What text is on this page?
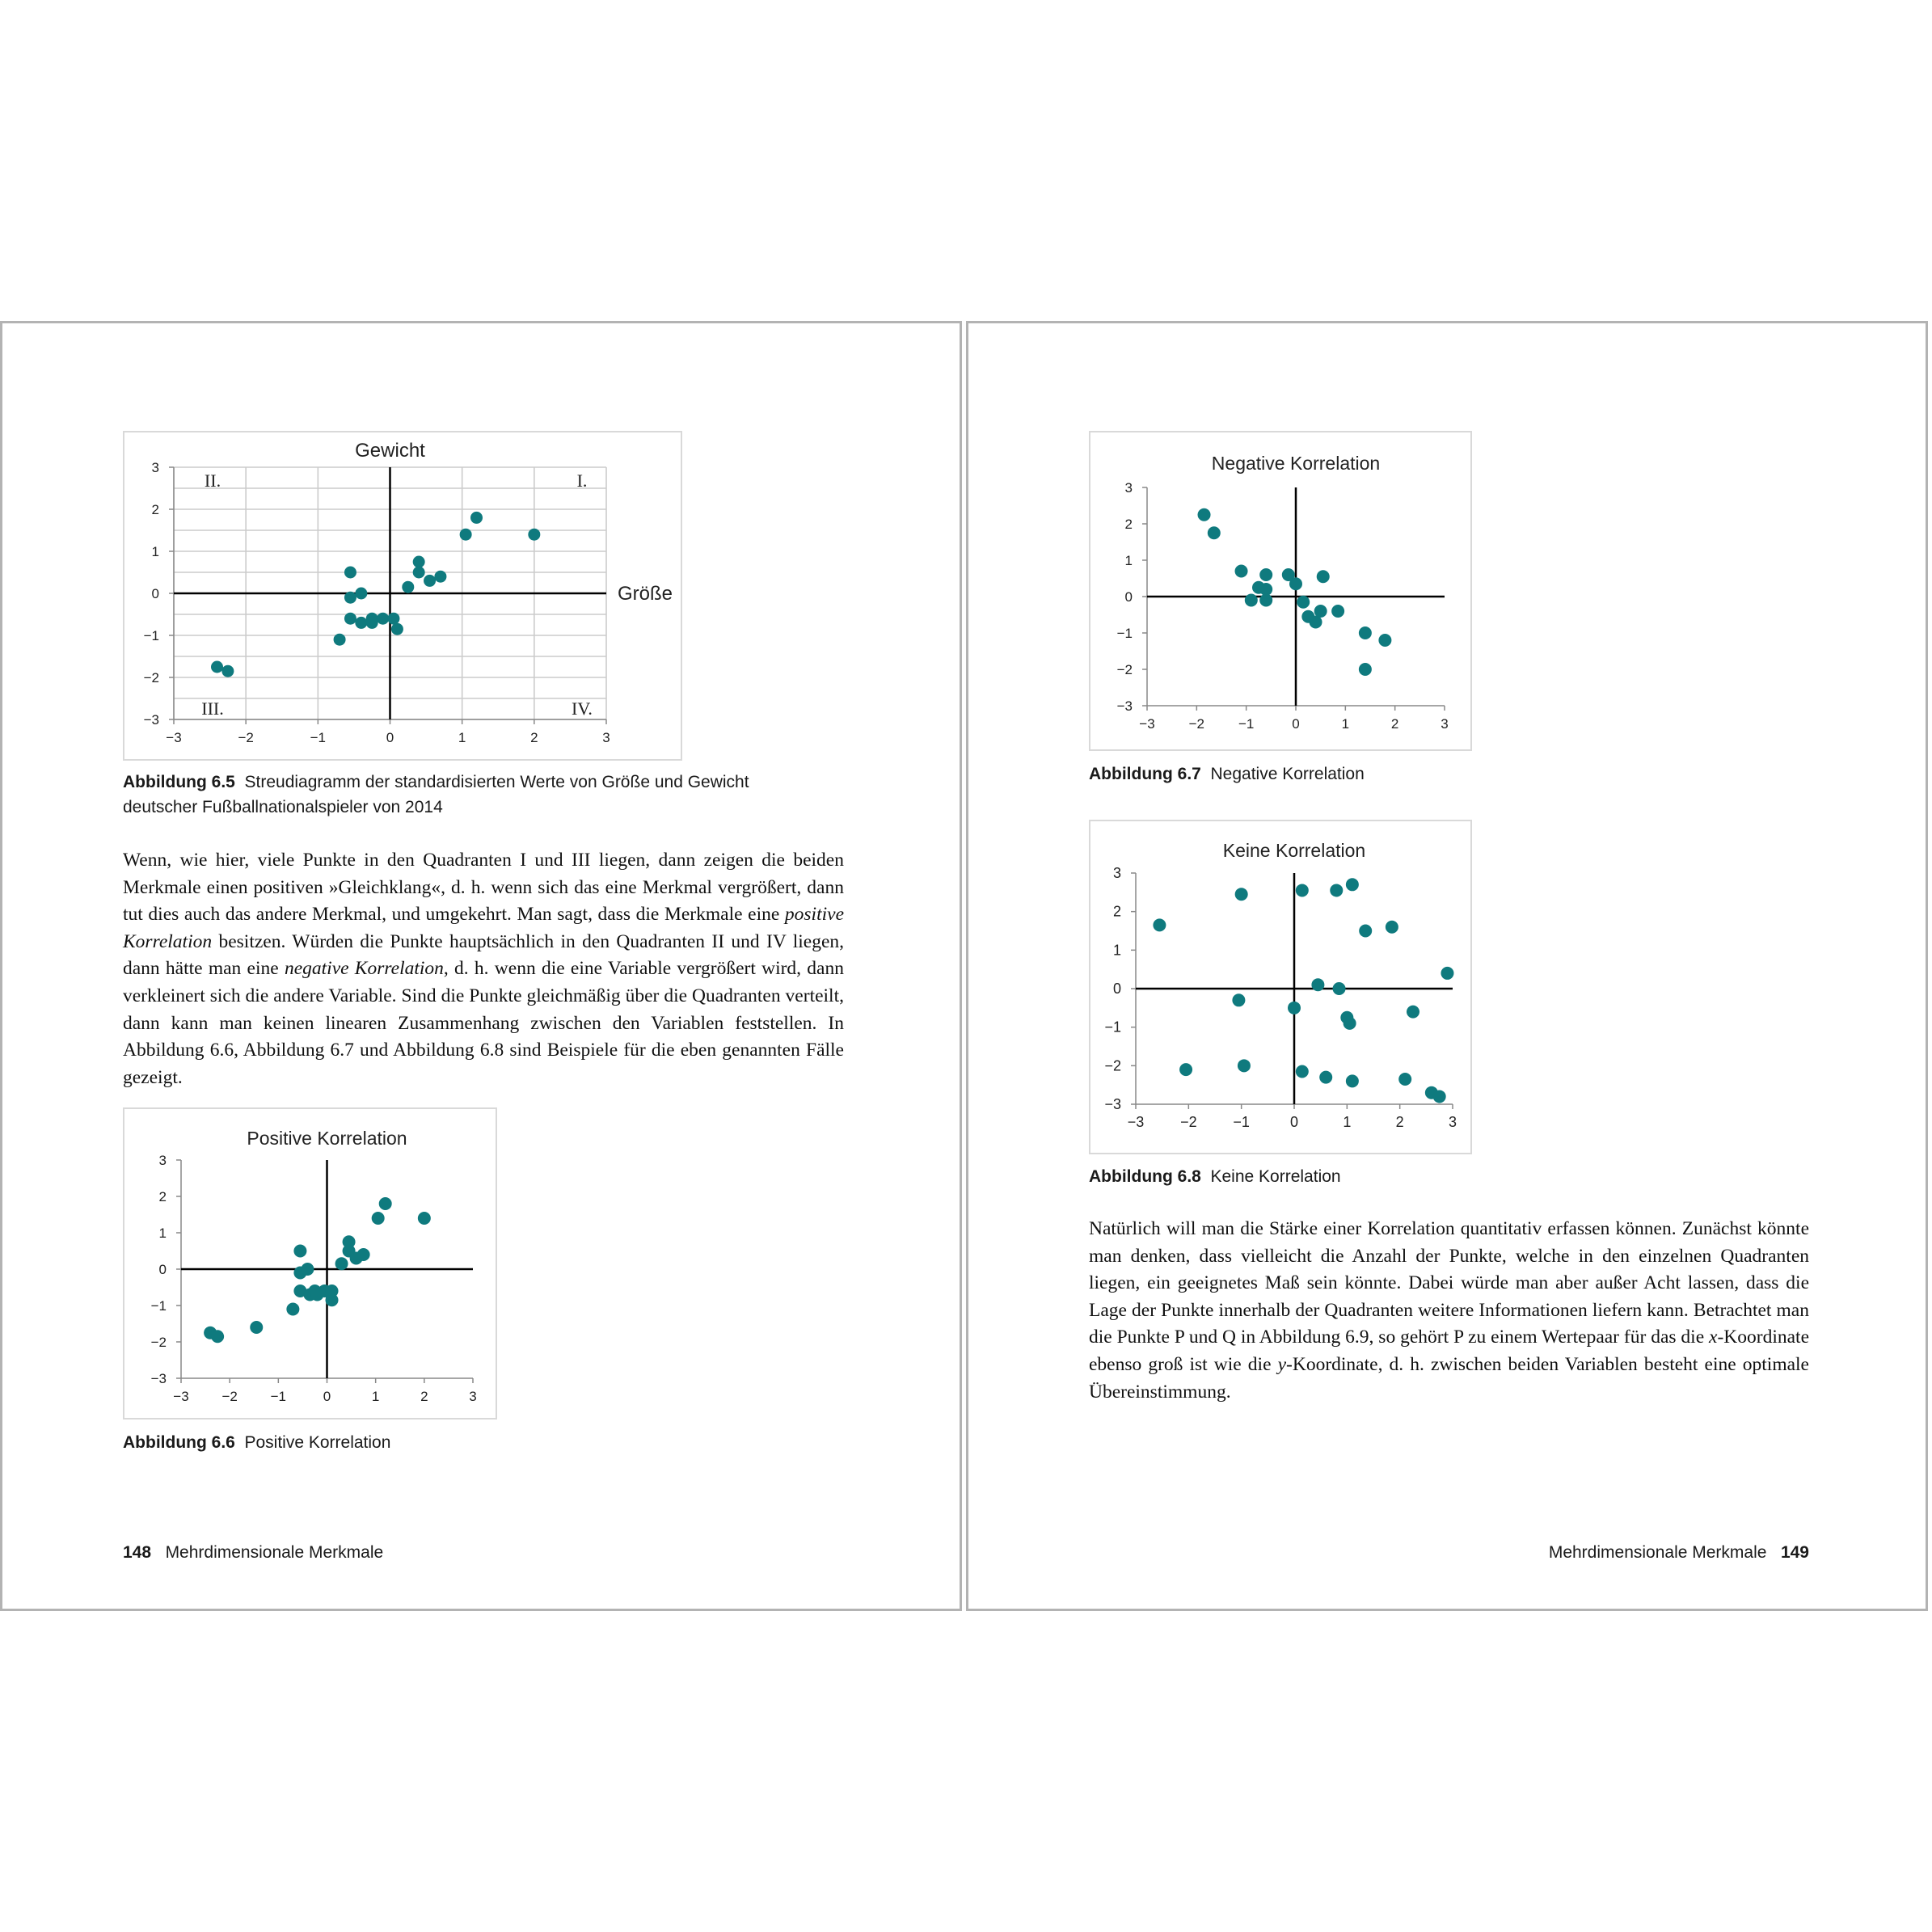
−3	−2	−1	0	1	2	3
3
2
1
0
−1
−2
−3
Gewicht
Größe
I.
II.
III.	IV.
Abbildung 6.5 Streudiagramm der standardisierten Werte von Größe und Gewicht
deutscher Fußballnationalspieler von 2014

Wenn, wie hier, viele Punkte in den Quadranten I und III liegen, dann zeigen die beiden Merkmale einen positiven »Gleichklang«, d. h. wenn sich das eine Merkmal vergrößert, dann tut dies auch das andere Merkmal, und umgekehrt. Man sagt, dass die Merkmale eine positive Korrelation besitzen. Würden die Punkte hauptsächlich in den Quadranten II und IV liegen, dann hätte man eine negative Korrelation, d. h. wenn die eine Variable vergrößert wird, dann verkleinert sich die andere Variable. Sind die Punkte gleichmäßig über die Quadranten verteilt, dann kann man keinen linearen Zusammenhang zwischen den Variablen feststellen. In Abbildung 6.6, Abbildung 6.7 und Abbildung 6.8 sind Beispiele für die eben genannten Fälle gezeigt.

−3 −2 −1	0	1	2	3
3
2
1
0
−1
−2
−3
Positive Korrelation
Abbildung 6.6 Positive Korrelation
148 Mehrdimensionale Merkmale
−3 −2 −1	0	1	2	3
3
2
1
0
−1
−2
−3
Negative Korrelation
Abbildung 6.7 Negative Korrelation
−3 −2 −1	0	1	2	3
3
2
1
0
−1
−2
−3
Keine Korrelation
Abbildung 6.8 Keine Korrelation

Natürlich will man die Stärke einer Korrelation quantitativ erfassen können. Zunächst könnte man denken, dass vielleicht die Anzahl der Punkte, welche in den einzelnen Quadranten liegen, ein geeignetes Maß sein könnte. Dabei würde man aber außer Acht lassen, dass die Lage der Punkte innerhalb der Quadranten weitere Informationen liefern kann. Betrachtet man die Punkte P und Q in Abbildung 6.9, so gehört P zu einem Wertepaar für das die x-Koordinate ebenso groß ist wie die y-Koordinate, d. h. zwischen beiden Variablen besteht eine optimale Übereinstimmung.

Mehrdimensionale Merkmale 149
